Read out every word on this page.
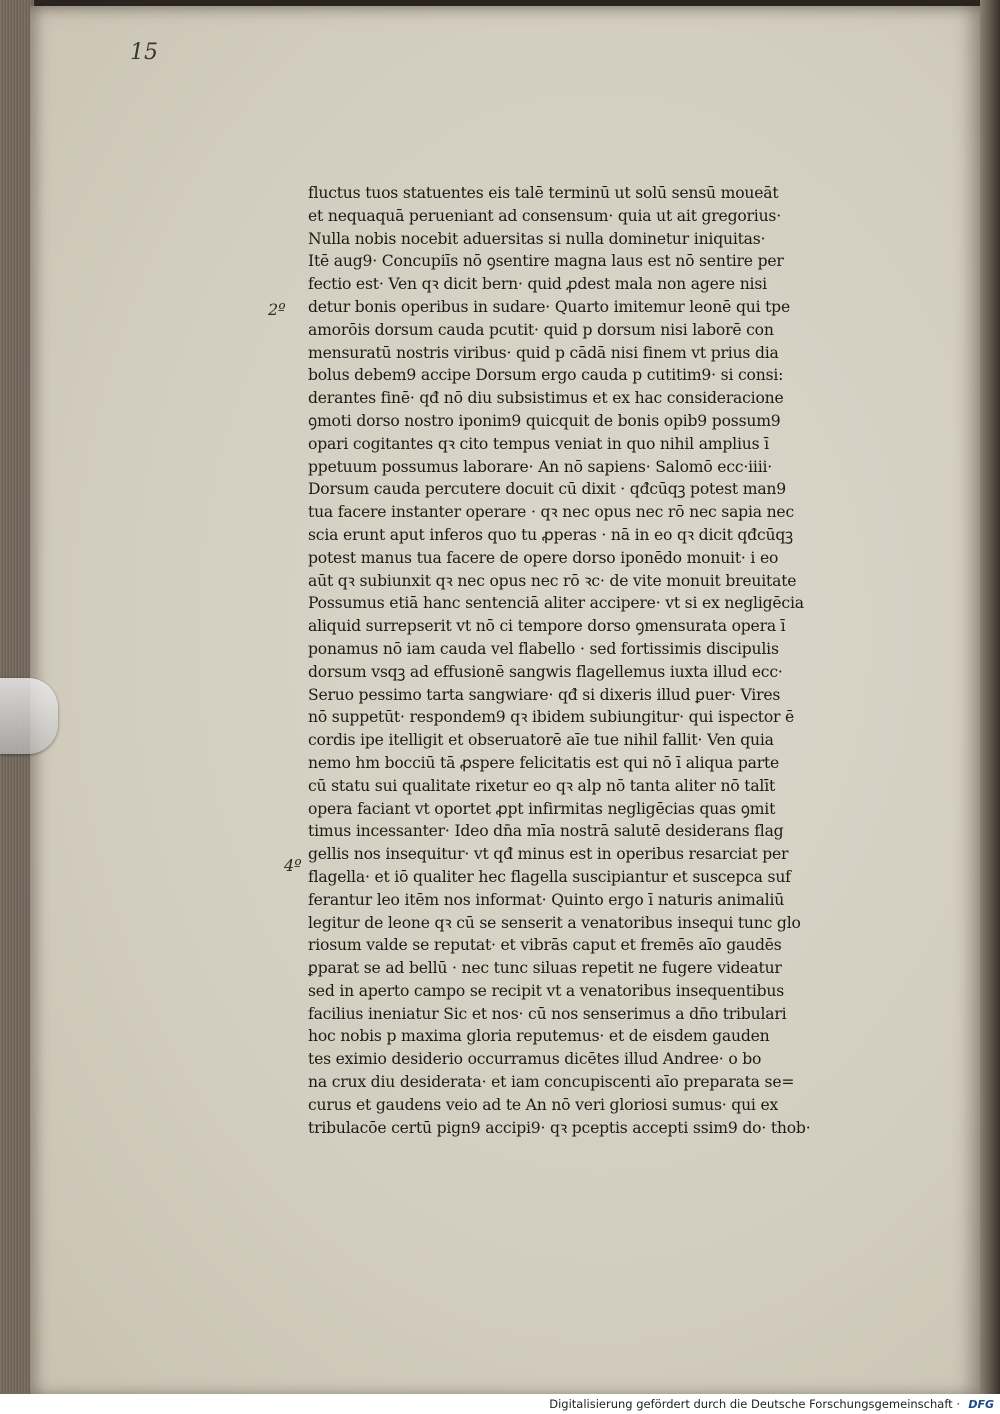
15
2º
4º
fluctus tuos statuentes eis talē terminū ut solū sensū moueāt
et nequaquā perueniant ad consensum· quia ut ait gregorius·
Nulla nobis nocebit aduersitas si nulla dominetur iniquitas·
Itē aug9· Concupiīs nō ꝯsentire magna laus est nō sentire per
fectio est· Ven qꝛ dicit bern· quid ꝓdest mala non agere nisi
detur bonis operibus in sudare· Quarto imitemur leonē qui tpe
amorōis dorsum cauda pcutit· quid p dorsum nisi laborē con
mensuratū nostris viribus· quid p cādā nisi finem vt prius dia
bolus debem9 accipe Dorsum ergo cauda p cutitim9· si consi:
derantes finē· qđ nō diu subsistimus et ex hac consideracione
ꝯmoti dorso nostro iponim9 quicquit de bonis opib9 possum9
opari cogitantes qꝛ cito tempus veniat in quo nihil amplius ī
ppetuum possumus laborare· An nō sapiens· Salomō ecc·iiii·
Dorsum cauda percutere docuit cū dixit · qđcūqꝫ potest man9
tua facere instanter operare · qꝛ nec opus nec rō nec sapia nec
scia erunt aput inferos quo tu ꝓperas · nā in eo qꝛ dicit qđcūqꝫ
potest manus tua facere de opere dorso iponēdo monuit· i eo
aūt qꝛ subiunxit qꝛ nec opus nec rō ꝛc· de vite monuit breuitate
Possumus etiā hanc sentenciā aliter accipere· vt si ex negligēcia
aliquid surrepserit vt nō ci tempore dorso ꝯmensurata opera ī
ponamus nō iam cauda vel flabello · sed fortissimis discipulis
dorsum vsqꝫ ad effusionē sangwis flagellemus iuxta illud ecc·
Seruo pessimo tarta sangwiare· qđ si dixeris illud ꝑuer· Vires
nō suppetūt· respondem9 qꝛ ibidem subiungitur· qui ispector ē
cordis ipe itelligit et obseruatorē aīe tue nihil fallit· Ven quia
nemo hm bocciū tā ꝓspere felicitatis est qui nō ī aliqua parte
cū statu sui qualitate rixetur eo qꝛ alp nō tanta aliter nō talīt
opera faciant vt oportet ꝓpt infirmitas negligēcias quas ꝯmit
timus incessanter· Ideo dn̄a mīa nostrā salutē desiderans flag
gellis nos insequitur· vt qđ minus est in operibus resarciat per
flagella· et iō qualiter hec flagella suscipiantur et suscepca suf
ferantur leo itēm nos informat· Quinto ergo ī naturis animaliū
legitur de leone qꝛ cū se senserit a venatoribus insequi tunc glo
riosum valde se reputat· et vibrās caput et fremēs aīo gaudēs
ꝑparat se ad bellū · nec tunc siluas repetit ne fugere videatur
sed in aperto campo se recipit vt a venatoribus insequentibus
facilius ineniatur Sic et nos· cū nos senserimus a dn̄o tribulari
hoc nobis p maxima gloria reputemus· et de eisdem gauden
tes eximio desiderio occurramus dicētes illud Andree· o bo
na crux diu desiderata· et iam concupiscenti aīo preparata se=
curus et gaudens veio ad te An nō veri gloriosi sumus· qui ex
tribulacōe certū pign9 accipi9· qꝛ pceptis accepti ssim9 do· thob·
Digitalisierung gefördert durch die Deutsche Forschungsgemeinschaft · DFG
